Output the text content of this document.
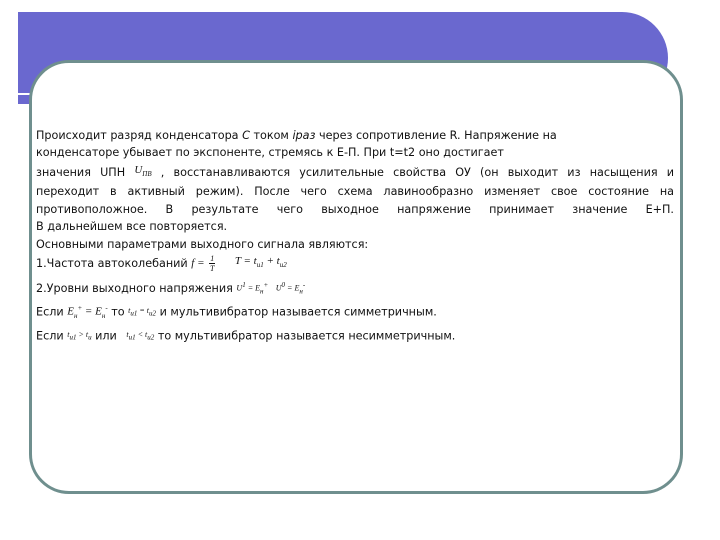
Происходит разряд конденсатора C током iраз через сопротивление R. Напряжение на
конденсаторе убывает по экспоненте, стремясь к Е-П. При t=t2 оно достигает
значения UПН $U_{ПВ}$ , восстанавливаются усилительные свойства ОУ (он выходит из насыщения и
переходит в активный режим). После чего схема лавинообразно изменяет свое состояние на
противоположное. В результате чего выходное напряжение принимает значение Е+П.
В дальнейшем все повторяется.
Основными параметрами выходного сигнала являются:
1.Частота автоколебаний $f = \frac{1}{T}$ $T = t_{и1} + t_{и2}$
2.Уровни выходного напряжения $U^1 = E_н^+$ $U^0 = E_н^-$
Если $E_н^+ = E_н^-$ то $t_{и1} = t_{и2}$ и мультивибратор называется симметричным.
Если $t_{и1} > t_и$ или $t_{и1} < t_{и2}$ то мультивибратор называется несимметричным.
